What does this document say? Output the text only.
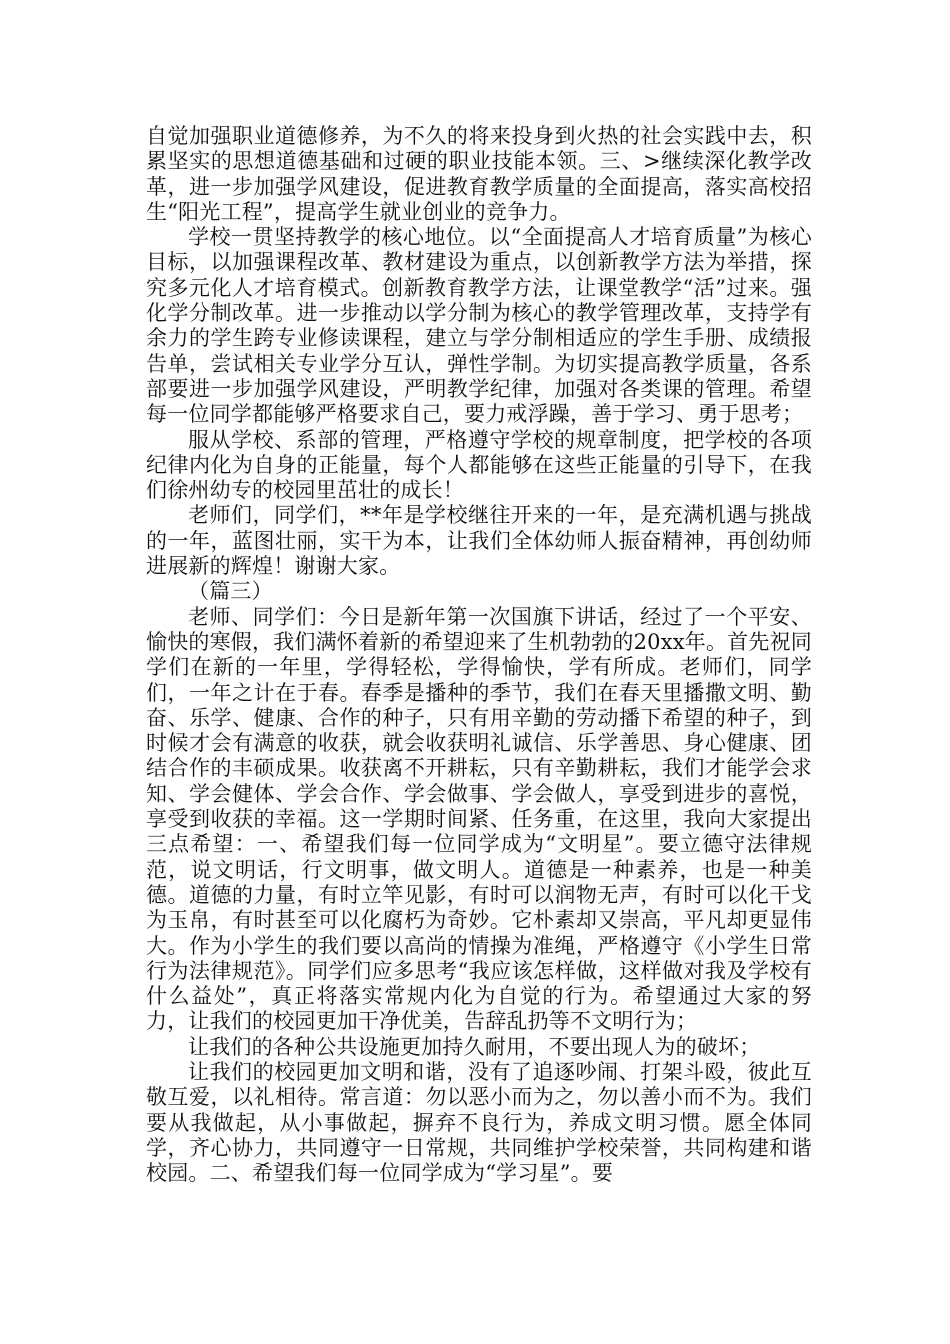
自觉加强职业道德修养，为不久的将来投身到火热的社会实践中去，积累坚实的思想道德基础和过硬的职业技能本领。三、>继续深化教学改革，进一步加强学风建设，促进教育教学质量的全面提高，落实高校招生“阳光工程”，提高学生就业创业的竞争力。

学校一贯坚持教学的核心地位。以“全面提高人才培育质量”为核心目标，以加强课程改革、教材建设为重点，以创新教学方法为举措，探究多元化人才培育模式。创新教育教学方法，让课堂教学“活”过来。强化学分制改革。进一步推动以学分制为核心的教学管理改革，支持学有余力的学生跨专业修读课程，建立与学分制相适应的学生手册、成绩报告单，尝试相关专业学分互认，弹性学制。为切实提高教学质量，各系部要进一步加强学风建设，严明教学纪律，加强对各类课的管理。希望每一位同学都能够严格要求自己，要力戒浮躁，善于学习、勇于思考；

服从学校、系部的管理，严格遵守学校的规章制度，把学校的各项纪律内化为自身的正能量，每个人都能够在这些正能量的引导下，在我们徐州幼专的校园里茁壮的成长！

老师们，同学们，**年是学校继往开来的一年，是充满机遇与挑战的一年，蓝图壮丽，实干为本，让我们全体幼师人振奋精神，再创幼师进展新的辉煌！谢谢大家。

（篇三）

老师、同学们：今日是新年第一次国旗下讲话，经过了一个平安、愉快的寒假，我们满怀着新的希望迎来了生机勃勃的20xx年。首先祝同学们在新的一年里，学得轻松，学得愉快，学有所成。老师们，同学们，一年之计在于春。春季是播种的季节，我们在春天里播撒文明、勤奋、乐学、健康、合作的种子，只有用辛勤的劳动播下希望的种子，到时候才会有满意的收获，就会收获明礼诚信、乐学善思、身心健康、团结合作的丰硕成果。收获离不开耕耘，只有辛勤耕耘，我们才能学会求知、学会健体、学会合作、学会做事、学会做人，享受到进步的喜悦，享受到收获的幸福。这一学期时间紧、任务重，在这里，我向大家提出三点希望：一、希望我们每一位同学成为“文明星”。要立德守法律规范，说文明话，行文明事，做文明人。道德是一种素养，也是一种美德。道德的力量，有时立竿见影，有时可以润物无声，有时可以化干戈为玉帛，有时甚至可以化腐朽为奇妙。它朴素却又崇高，平凡却更显伟大。作为小学生的我们要以高尚的情操为准绳，严格遵守《小学生日常行为法律规范》。同学们应多思考“我应该怎样做，这样做对我及学校有什么益处”，真正将落实常规内化为自觉的行为。希望通过大家的努力，让我们的校园更加干净优美，告辞乱扔等不文明行为；

让我们的各种公共设施更加持久耐用，不要出现人为的破坏；

让我们的校园更加文明和谐，没有了追逐吵闹、打架斗殴，彼此互敬互爱，以礼相待。常言道：勿以恶小而为之，勿以善小而不为。我们要从我做起，从小事做起，摒弃不良行为，养成文明习惯。愿全体同学，齐心协力，共同遵守一日常规，共同维护学校荣誉，共同构建和谐校园。二、希望我们每一位同学成为“学习星”。要
